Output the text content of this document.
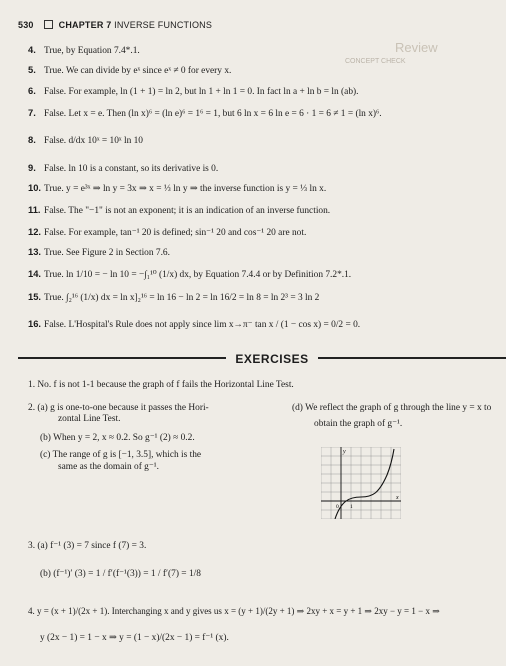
Review
CONCEPT CHECK
530	CHAPTER 7 INVERSE FUNCTIONS
4. True, by Equation 7.4*.1.
5. True. We can divide by eˣ since eˣ ≠ 0 for every x.
6. False. For example, ln (1 + 1) = ln 2, but ln 1 + ln 1 = 0. In fact ln a + ln b = ln (ab).
7. False. Let x = e. Then (ln x)⁶ = (ln e)⁶ = 1⁶ = 1, but 6 ln x = 6 ln e = 6 · 1 = 6 ≠ 1 = (ln x)⁶.
8. False. d/dx 10ˣ = 10ˣ ln 10
9. False. ln 10 is a constant, so its derivative is 0.
10. True. y = e³ˣ ⇒ ln y = 3x ⇒ x = ⅓ ln y ⇒ the inverse function is y = ⅓ ln x.
11. False. The "−1" is not an exponent; it is an indication of an inverse function.
12. False. For example, tan⁻¹ 20 is defined; sin⁻¹ 20 and cos⁻¹ 20 are not.
13. True. See Figure 2 in Section 7.6.
14. True. ln 1/10 = − ln 10 = −∫₁¹⁰ (1/x) dx, by Equation 7.4.4 or by Definition 7.2*.1.
15. True. ∫₂¹⁶ (1/x) dx = ln x]₂¹⁶ = ln 16 − ln 2 = ln 16/2 = ln 8 = ln 2³ = 3 ln 2
16. False. L'Hospital's Rule does not apply since lim x→π⁻ tan x / (1 − cos x) = 0/2 = 0.
EXERCISES
1. No. f is not 1-1 because the graph of f fails the Horizontal Line Test.
2. (a) g is one-to-one because it passes the Hori-
zontal Line Test.
(b) When y = 2, x ≈ 0.2. So g⁻¹ (2) ≈ 0.2.
(c) The range of g is [−1, 3.5], which is the
same as the domain of g⁻¹.
(d) We reflect the graph of g through the line y = x to
obtain the graph of g⁻¹.
y
x
0 1
3. (a) f⁻¹ (3) = 7 since f (7) = 3.
(b) (f⁻¹)′ (3) = 1 / f′(f⁻¹(3)) = 1 / f′(7) = 1/8
4. y = (x + 1)/(2x + 1). Interchanging x and y gives us x = (y + 1)/(2y + 1) ⇒ 2xy + x = y + 1 ⇒ 2xy − y = 1 − x ⇒
y (2x − 1) = 1 − x ⇒ y = (1 − x)/(2x − 1) = f⁻¹ (x).
